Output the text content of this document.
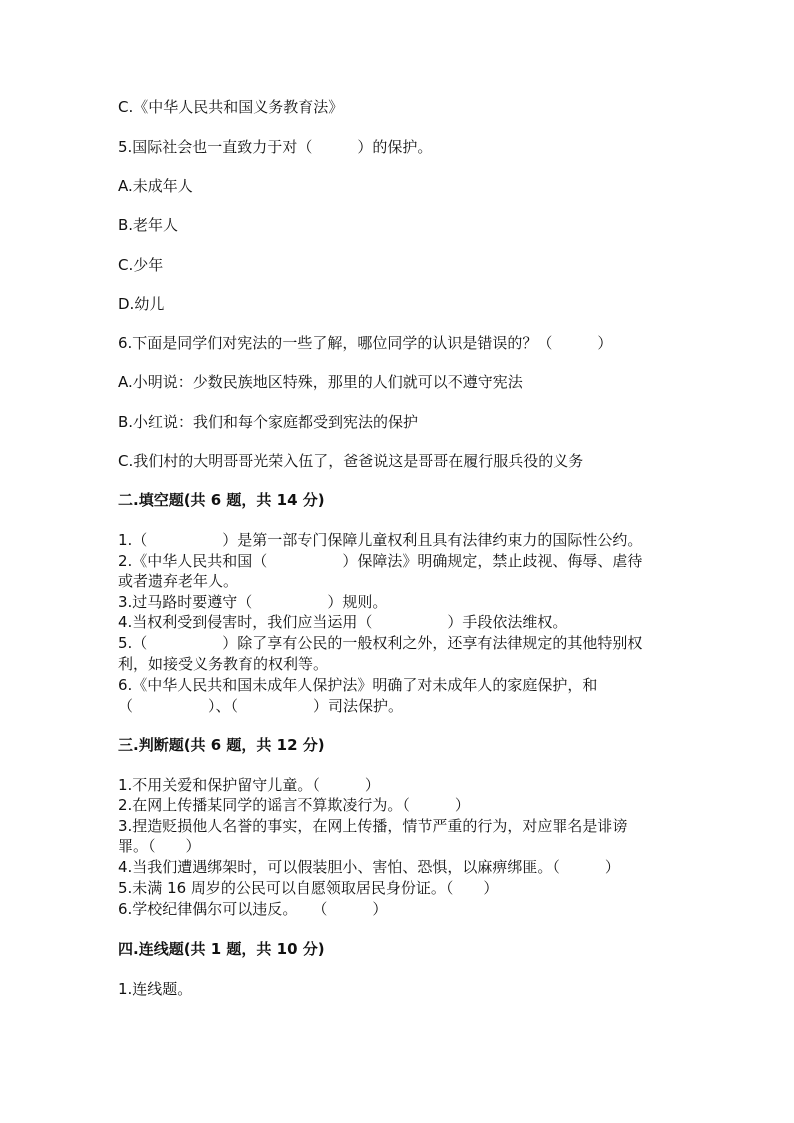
C.《中华人民共和国义务教育法》
5.国际社会也一直致力于对（　　　）的保护。
A.未成年人
B.老年人
C.少年
D.幼儿
6.下面是同学们对宪法的一些了解，哪位同学的认识是错误的？（　　　）
A.小明说：少数民族地区特殊，那里的人们就可以不遵守宪法
B.小红说：我们和每个家庭都受到宪法的保护
C.我们村的大明哥哥光荣入伍了，爸爸说这是哥哥在履行服兵役的义务
二.填空题(共 6 题，共 14 分)
1.（　　　　　）是第一部专门保障儿童权利且具有法律约束力的国际性公约。
2.《中华人民共和国（　　　　　）保障法》明确规定，禁止歧视、侮辱、虐待
或者遗弃老年人。
3.过马路时要遵守（　　　　　）规则。
4.当权利受到侵害时，我们应当运用（　　　　　）手段依法维权。
5.（　　　　　）除了享有公民的一般权利之外，还享有法律规定的其他特别权
利，如接受义务教育的权利等。
6.《中华人民共和国未成年人保护法》明确了对未成年人的家庭保护，和
（　　　　　）、（　　　　　）司法保护。
三.判断题(共 6 题，共 12 分)
1.不用关爱和保护留守儿童。（　　　）
2.在网上传播某同学的谣言不算欺凌行为。（　　　）
3.捏造贬损他人名誉的事实，在网上传播，情节严重的行为，对应罪名是诽谤
罪。（　　）
4.当我们遭遇绑架时，可以假装胆小、害怕、恐惧，以麻痹绑匪。（　　　）
5.未满 16 周岁的公民可以自愿领取居民身份证。（　　）
6.学校纪律偶尔可以违反。　　（　　　）
四.连线题(共 1 题，共 10 分)
1.连线题。
